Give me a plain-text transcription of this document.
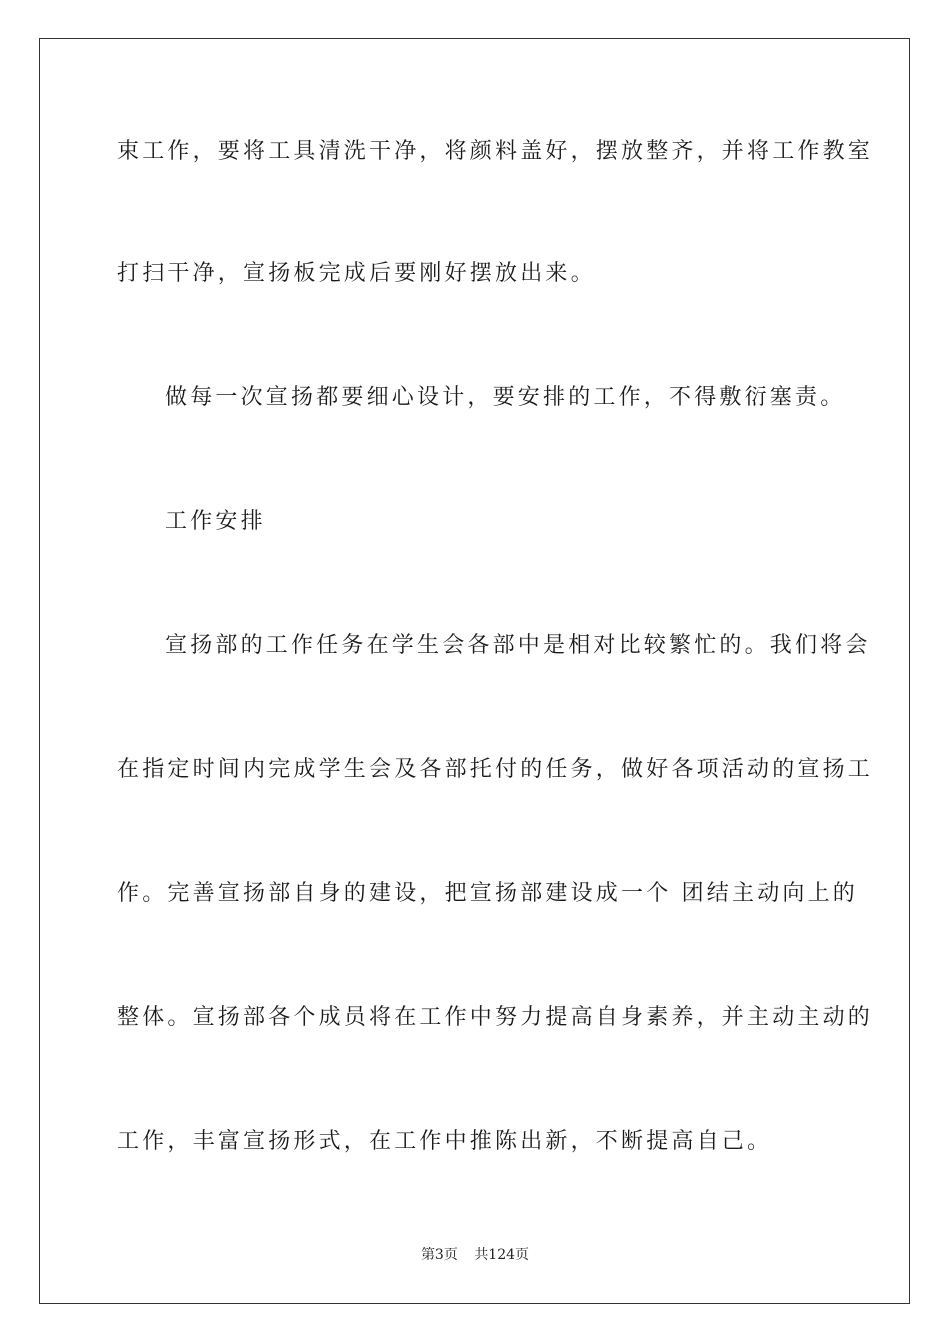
束工作，要将工具清洗干净，将颜料盖好，摆放整齐，并将工作教室
打扫干净，宣扬板完成后要刚好摆放出来。
做每一次宣扬都要细心设计，要安排的工作，不得敷衍塞责。
工作安排
宣扬部的工作任务在学生会各部中是相对比较繁忙的。我们将会
在指定时间内完成学生会及各部托付的任务，做好各项活动的宣扬工
作。完善宣扬部自身的建设，把宣扬部建设成一个 团结主动向上的
整体。宣扬部各个成员将在工作中努力提高自身素养，并主动主动的
工作，丰富宣扬形式，在工作中推陈出新，不断提高自己。
第3页 共124页
